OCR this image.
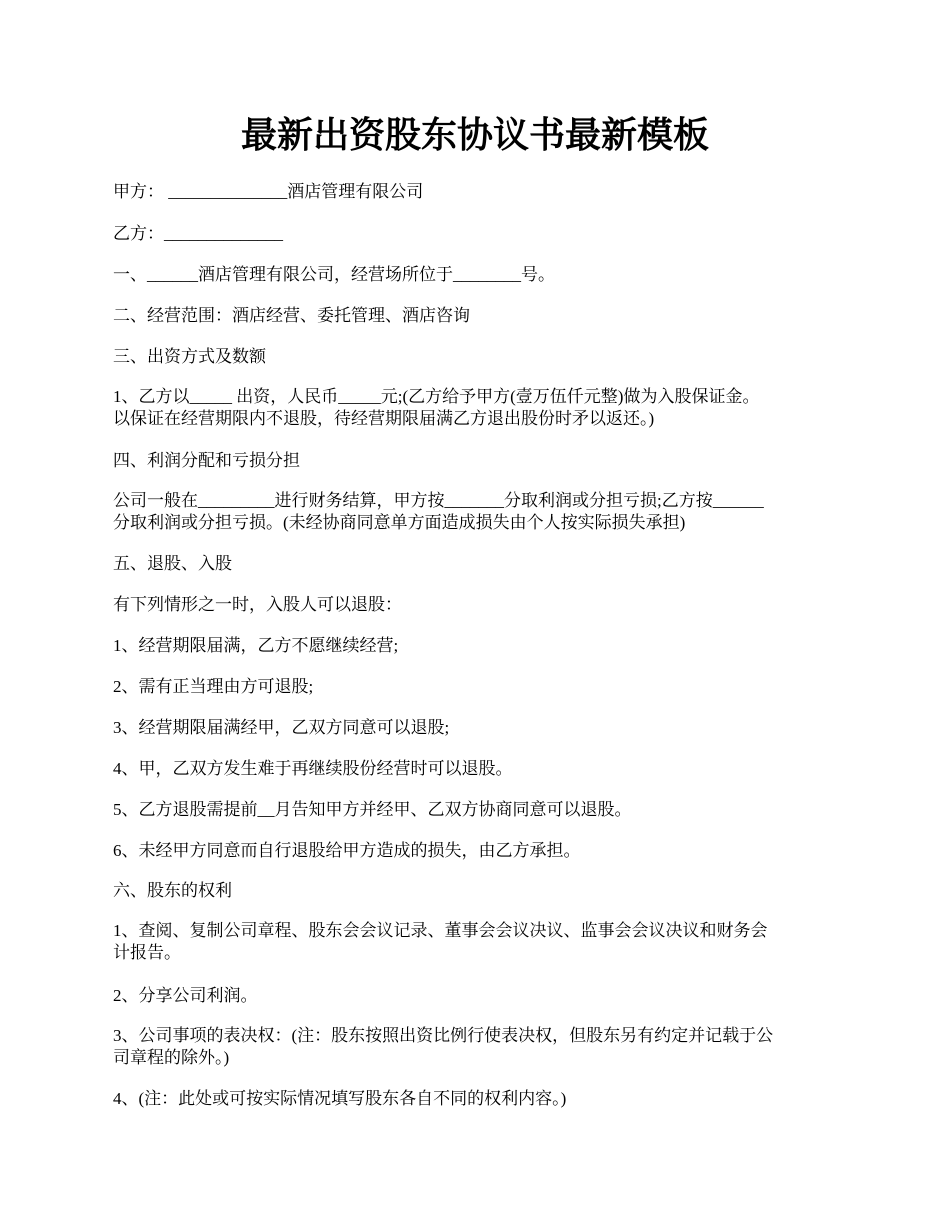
最新出资股东协议书最新模板

甲方： ______________酒店管理有限公司

乙方：______________

一、______酒店管理有限公司，经营场所位于________号。

二、经营范围：酒店经营、委托管理、酒店咨询

三、出资方式及数额

1、乙方以_____ 出资，人民币_____元;(乙方给予甲方(壹万伍仟元整)做为入股保证金。
以保证在经营期限内不退股，待经营期限届满乙方退出股份时矛以返还。)

四、利润分配和亏损分担

公司一般在_________进行财务结算，甲方按_______分取利润或分担亏损;乙方按______
分取利润或分担亏损。(未经协商同意单方面造成损失由个人按实际损失承担)

五、退股、入股

有下列情形之一时，入股人可以退股：

1、经营期限届满，乙方不愿继续经营;

2、需有正当理由方可退股;

3、经营期限届满经甲，乙双方同意可以退股;

4、甲，乙双方发生难于再继续股份经营时可以退股。

5、乙方退股需提前__月告知甲方并经甲、乙双方协商同意可以退股。

6、未经甲方同意而自行退股给甲方造成的损失，由乙方承担。

六、股东的权利

1、查阅、复制公司章程、股东会会议记录、董事会会议决议、监事会会议决议和财务会
计报告。

2、分享公司利润。

3、公司事项的表决权：(注：股东按照出资比例行使表决权，但股东另有约定并记载于公
司章程的除外。)

4、(注：此处或可按实际情况填写股东各自不同的权利内容。)
